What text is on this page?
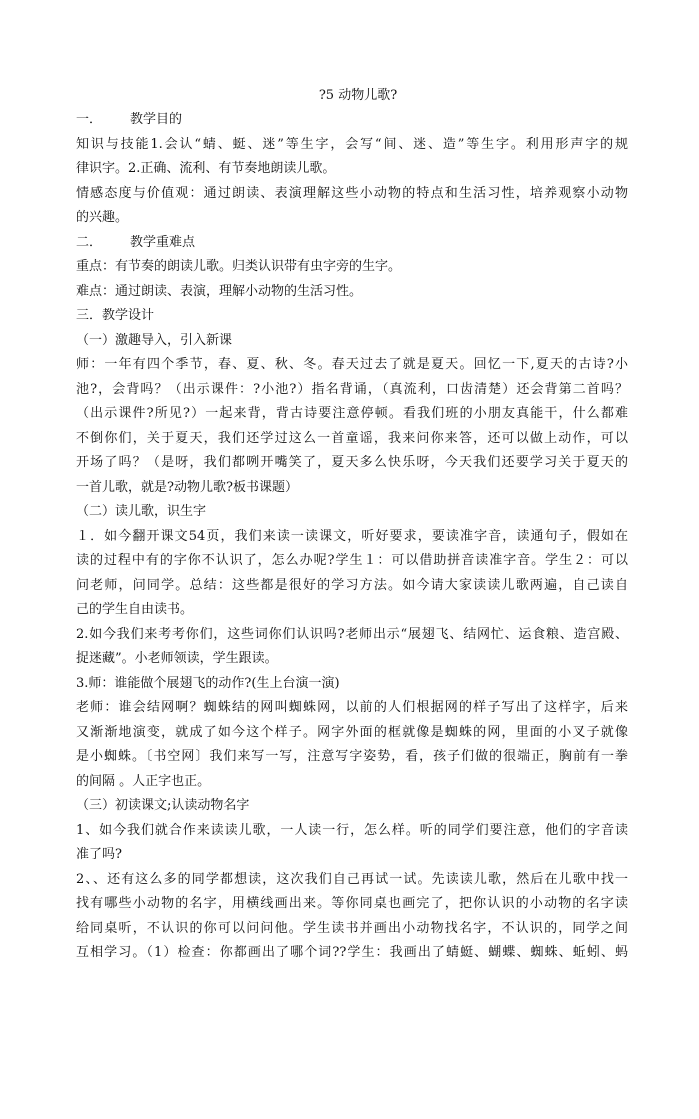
?5 动物儿歌?
一． 教学目的
知识与技能1.会认“蜻、蜓、迷”等生字，会写“间、迷、造”等生字。利用形声字的规
律识字。2.正确、流利、有节奏地朗读儿歌。
情感态度与价值观：通过朗读、表演理解这些小动物的特点和生活习性，培养观察小动物
的兴趣。
二． 教学重难点
重点：有节奏的朗读儿歌。归类认识带有虫字旁的生字。
难点：通过朗读、表演，理解小动物的生活习性。
三．教学设计
（一）激趣导入，引入新课
师：一年有四个季节，春、夏、秋、冬。春天过去了就是夏天。回忆一下,夏天的古诗?小
池?，会背吗？（出示课件：?小池?）指名背诵，（真流利，口齿清楚）还会背第二首吗？
（出示课件?所见?）一起来背，背古诗要注意停顿。看我们班的小朋友真能干，什么都难
不倒你们，关于夏天，我们还学过这么一首童谣，我来问你来答，还可以做上动作，可以
开场了吗？（是呀，我们都咧开嘴笑了，夏天多么快乐呀，今天我们还要学习关于夏天的
一首儿歌，就是?动物儿歌?板书课题）
（二）读儿歌，识生字
１．如今翻开课文54页，我们来读一读课文，听好要求，要读准字音，读通句子，假如在
读的过程中有的字你不认识了，怎么办呢?学生１：可以借助拼音读准字音。学生２：可以
问老师，问同学。总结：这些都是很好的学习方法。如今请大家读读儿歌两遍，自己读自
己的学生自由读书。
2.如今我们来考考你们，这些词你们认识吗?老师出示“展翅飞、结网忙、运食粮、造宫殿、
捉迷藏”。小老师领读，学生跟读。
3.师：谁能做个展翅飞的动作?(生上台演一演)
老师：谁会结网啊？蜘蛛结的网叫蜘蛛网，以前的人们根据网的样子写出了这样字，后来
又渐渐地演变，就成了如今这个样子。网字外面的框就像是蜘蛛的网，里面的小叉子就像
是小蜘蛛。〔书空网〕我们来写一写，注意写字姿势，看，孩子们做的很端正，胸前有一拳
的间隔 。人正字也正。
（三）初读课文;认读动物名字
1、如今我们就合作来读读儿歌，一人读一行，怎么样。听的同学们要注意，他们的字音读
准了吗?
2、、还有这么多的同学都想读，这次我们自己再试一试。先读读儿歌，然后在儿歌中找一
找有哪些小动物的名字，用横线画出来。等你同桌也画完了，把你认识的小动物的名字读
给同桌听，不认识的你可以问问他。学生读书并画出小动物找名字，不认识的，同学之间
互相学习。（1）检查：你都画出了哪个词??学生：我画出了蜻蜓、蝴蝶、蜘蛛、蚯蚓、蚂
